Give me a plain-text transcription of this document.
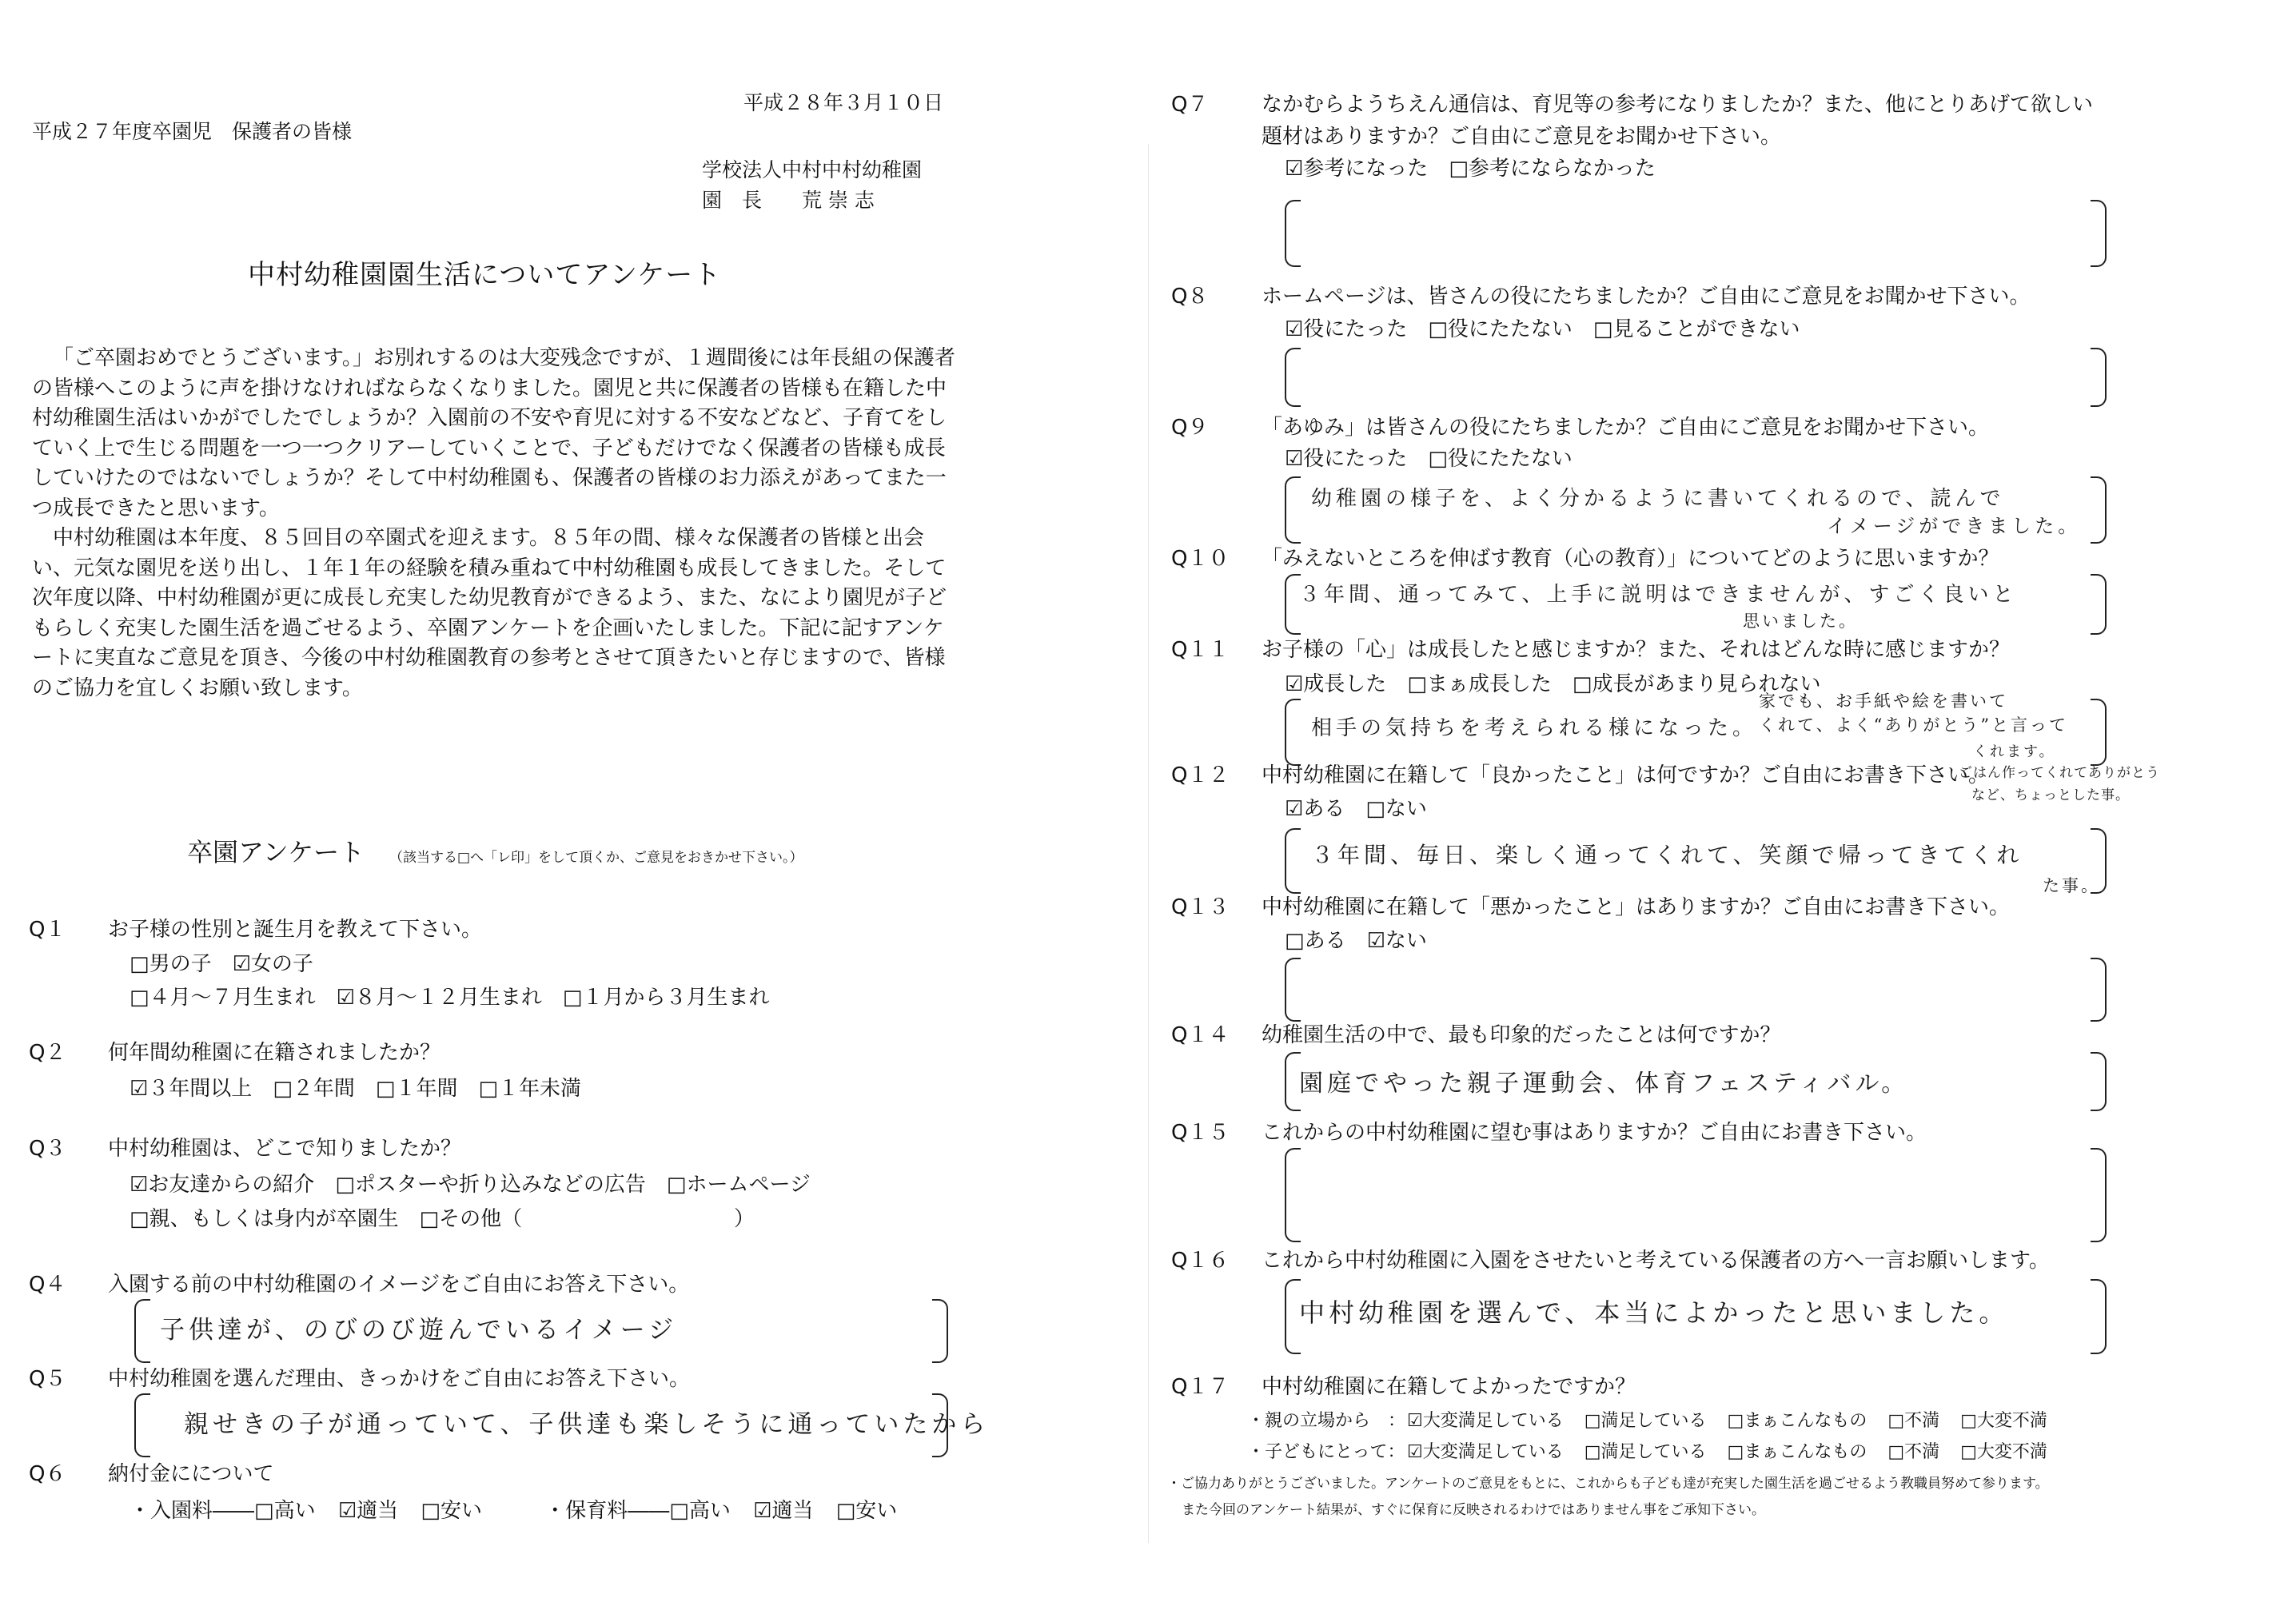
平成２８年３月１０日
平成２７年度卒園児　保護者の皆様
学校法人中村中村幼稚園
園　長　　荒 崇 志
中村幼稚園園生活についてアンケート
「ご卒園おめでとうございます。」お別れするのは大変残念ですが、１週間後には年長組の保護者の皆様へこのように声を掛けなければならなくなりました。園児と共に保護者の皆様も在籍した中村幼稚園生活はいかがでしたでしょうか？入園前の不安や育児に対する不安などなど、子育てをしていく上で生じる問題を一つ一つクリアーしていくことで、子どもだけでなく保護者の皆様も成長していけたのではないでしょうか？そして中村幼稚園も、保護者の皆様のお力添えがあってまた一つ成長できたと思います。
中村幼稚園は本年度、８５回目の卒園式を迎えます。８５年の間、様々な保護者の皆様と出会い、元気な園児を送り出し、１年１年の経験を積み重ねて中村幼稚園も成長してきました。そして次年度以降、中村幼稚園が更に成長し充実した幼児教育ができるよう、また、なにより園児が子どもらしく充実した園生活を過ごせるよう、卒園アンケートを企画いたしました。下記に記すアンケートに実直なご意見を頂き、今後の中村幼稚園教育の参考とさせて頂きたいと存じますので、皆様のご協力を宜しくお願い致します。
卒園アンケート （該当する□へ「レ印」をして頂くか、ご意見をおきかせ下さい。）
Q１ お子様の性別と誕生月を教えて下さい。
□男の子 ☑女の子
□４月～７月生まれ ☑８月～１２月生まれ □１月から３月生まれ
Q２ 何年間幼稚園に在籍されましたか？
☑３年間以上 □２年間 □１年間 □１年未満
Q３ 中村幼稚園は、どこで知りましたか？
☑お友達からの紹介 □ポスターや折り込みなどの広告 □ホームページ
□親、もしくは身内が卒園生 □その他（	）
Q４ 入園する前の中村幼稚園のイメージをご自由にお答え下さい。
子供達が、のびのび遊んでいるイメージ
Q５ 中村幼稚園を選んだ理由、きっかけをご自由にお答え下さい。
親せきの子が通っていて、子供達も楽しそうに通っていたから
Q６ 納付金にについて
・入園料――□高い ☑適当 □安い	・保育料――□高い ☑適当 □安い
Q７	なかむらようちえん通信は、育児等の参考になりましたか？また、他にとりあげて欲しい
題材はありますか？ご自由にご意見をお聞かせ下さい。
☑参考になった □参考にならなかった
Q８	ホームページは、皆さんの役にたちましたか？ご自由にご意見をお聞かせ下さい。
☑役にたった □役にたたない □見ることができない
Q９	「あゆみ」は皆さんの役にたちましたか？ご自由にご意見をお聞かせ下さい。
☑役にたった □役にたたない
幼稚園の様子を、よく分かるように書いてくれるので、読んで
イメージができました。
Q１０ 「みえないところを伸ばす教育（心の教育）」についてどのように思いますか？
３年間、通ってみて、上手に説明はできませんが、すごく良いと
思いました。
Q１１ お子様の「心」は成長したと感じますか？また、それはどんな時に感じますか？
☑成長した □まぁ成長した □成長があまり見られない
相手の気持ちを考えられる様になった。
家でも、お手紙や絵を書いて
くれて、よく“ありがとう”と言って
くれます。
ごはん作ってくれてありがとう
など、ちょっとした事。
Q１２ 中村幼稚園に在籍して「良かったこと」は何ですか？ご自由にお書き下さい。
☑ある □ない
３年間、毎日、楽しく通ってくれて、笑顔で帰ってきてくれ
た事。
Q１３ 中村幼稚園に在籍して「悪かったこと」はありますか？ご自由にお書き下さい。
□ある ☑ない
Q１４ 幼稚園生活の中で、最も印象的だったことは何ですか？
園庭でやった親子運動会、体育フェスティバル。
Q１５ これからの中村幼稚園に望む事はありますか？ご自由にお書き下さい。
Q１６ これから中村幼稚園に入園をさせたいと考えている保護者の方へ一言お願いします。
中村幼稚園を選んで、本当によかったと思いました。
Q１７ 中村幼稚園に在籍してよかったですか？
・親の立場から　： ☑大変満足している □満足している □まぁこんなもの □不満 □大変不満
・子どもにとって： ☑大変満足している □満足している □まぁこんなもの □不満 □大変不満
・ご協力ありがとうございました。アンケートのご意見をもとに、これからも子ども達が充実した園生活を過ごせるよう教職員努めて参ります。
また今回のアンケート結果が、すぐに保育に反映されるわけではありません事をご承知下さい。
